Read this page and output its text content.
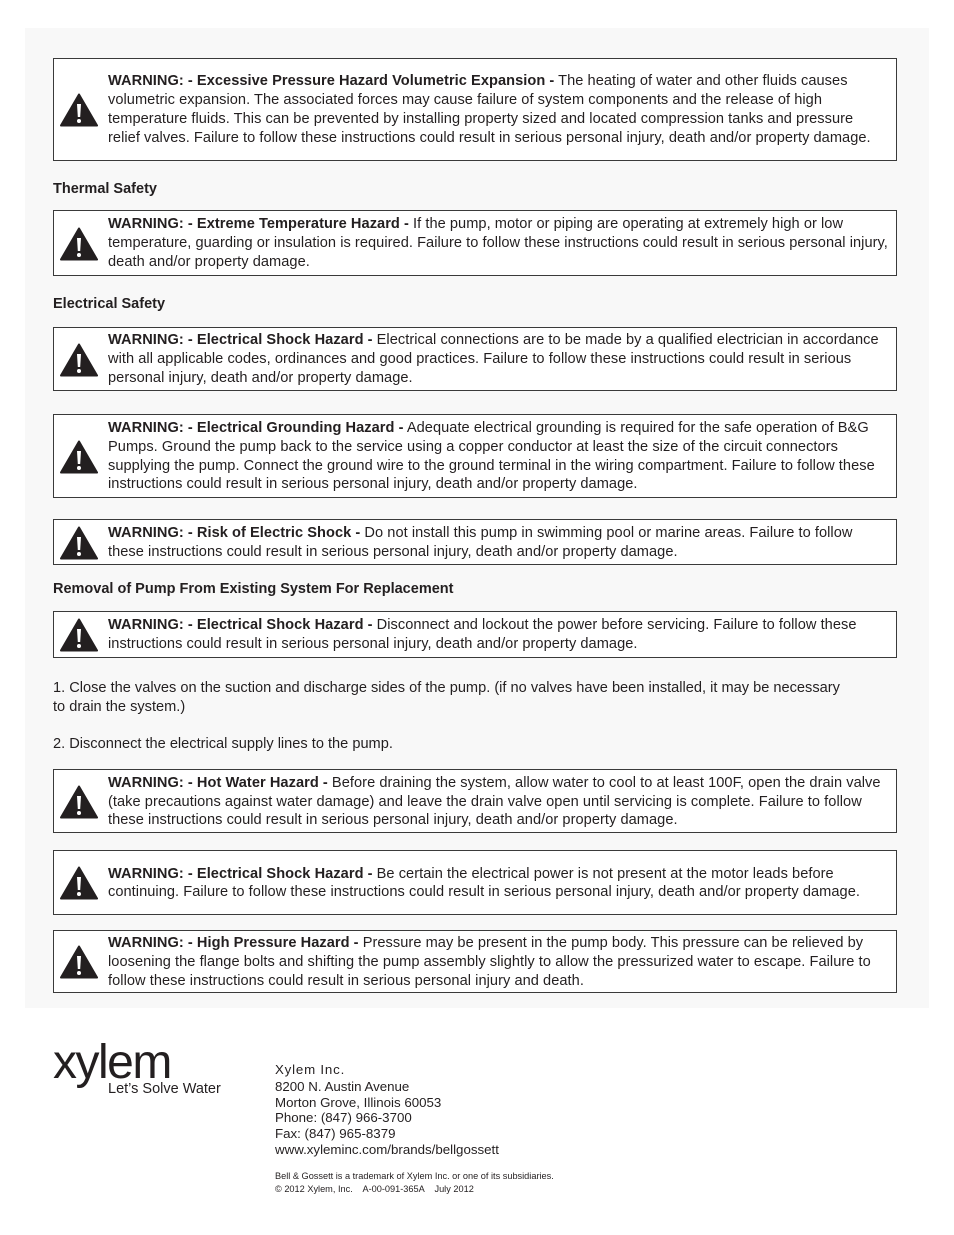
WARNING: - Excessive Pressure Hazard Volumetric Expansion - The heating of water and other fluids causes volumetric expansion. The associated forces may cause failure of system components and the release of high temperature fluids. This can be prevented by installing property sized and located compression tanks and pressure relief valves. Failure to follow these instructions could result in serious personal injury, death and/or property damage.
Thermal Safety
WARNING: - Extreme Temperature Hazard - If the pump, motor or piping are operating at extremely high or low temperature, guarding or insulation is required. Failure to follow these instructions could result in serious personal injury, death and/or property damage.
Electrical Safety
WARNING: - Electrical Shock Hazard - Electrical connections are to be made by a qualified electrician in accordance with all applicable codes, ordinances and good practices. Failure to follow these instructions could result in serious personal injury, death and/or property damage.
WARNING: - Electrical Grounding Hazard - Adequate electrical grounding is required for the safe operation of B&G Pumps. Ground the pump back to the service using a copper conductor at least the size of the circuit connectors supplying the pump. Connect the ground wire to the ground terminal in the wiring compartment. Failure to follow these instructions could result in serious personal injury, death and/or property damage.
WARNING: - Risk of Electric Shock - Do not install this pump in swimming pool or marine areas. Failure to follow these instructions could result in serious personal injury, death and/or property damage.
Removal of Pump From Existing System For Replacement
WARNING: - Electrical Shock Hazard - Disconnect and lockout the power before servicing. Failure to follow these instructions could result in serious personal injury, death and/or property damage.
1. Close the valves on the suction and discharge sides of the pump. (if no valves have been installed, it may be necessary to drain the system.)
2. Disconnect the electrical supply lines to the pump.
WARNING: - Hot Water Hazard - Before draining the system, allow water to cool to at least 100F, open the drain valve (take precautions against water damage) and leave the drain valve open until servicing is complete. Failure to follow these instructions could result in serious personal injury, death and/or property damage.
WARNING: - Electrical Shock Hazard - Be certain the electrical power is not present at the motor leads before continuing. Failure to follow these instructions could result in serious personal injury, death and/or property damage.
WARNING: - High Pressure Hazard - Pressure may be present in the pump body. This pressure can be relieved by loosening the flange bolts and shifting the pump assembly slightly to allow the pressurized water to escape. Failure to follow these instructions could result in serious personal injury and death.
xylem
Let’s Solve Water
Xylem Inc.
8200 N. Austin Avenue
Morton Grove, Illinois 60053
Phone: (847) 966-3700
Fax: (847) 965-8379
www.xyleminc.com/brands/bellgossett
Bell & Gossett is a trademark of Xylem Inc. or one of its subsidiaries.
© 2012 Xylem, Inc.    A-00-091-365A    July 2012
